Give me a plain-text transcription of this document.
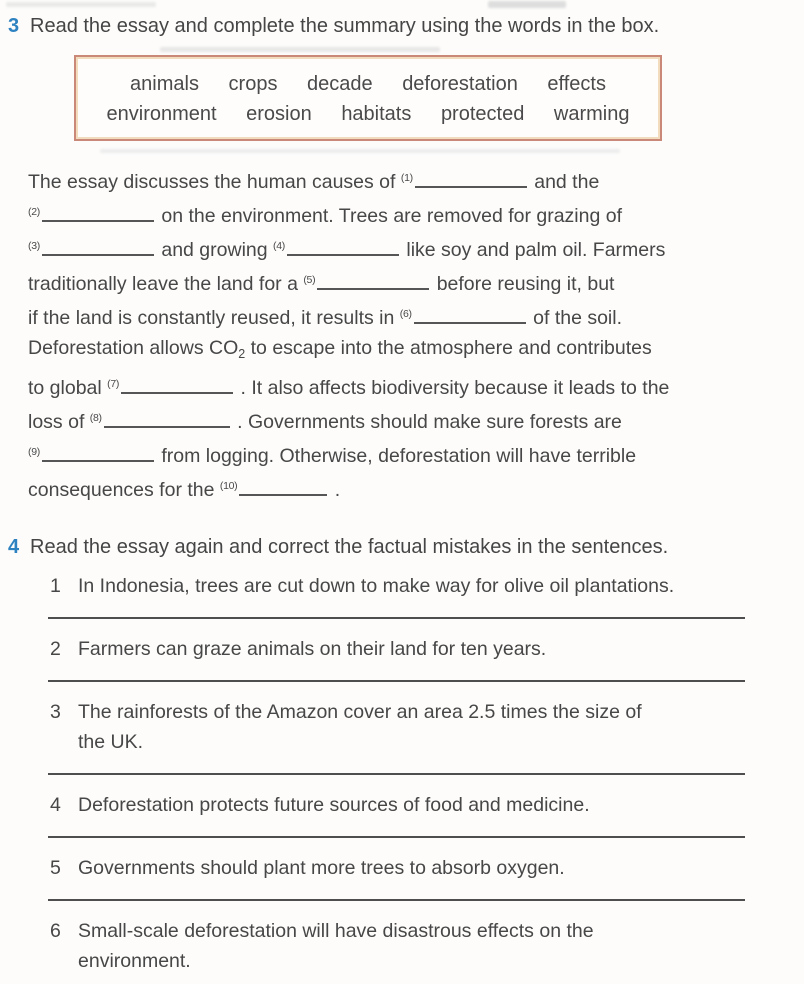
3 Read the essay and complete the summary using the words in the box.
animals crops decade deforestation effects
environment erosion habitats protected warming

The essay discusses the human causes of $^{(1)}$	and the
$^{(2)}$	on the environment. Trees are removed for grazing of
$^{(3)}$	and growing $^{(4)}$	like soy and palm oil. Farmers
traditionally leave the land for a $^{(5)}$	before reusing it, but
if the land is constantly reused, it results in $^{(6)}$	of the soil.
Deforestation allows $CO_2$ to escape into the atmosphere and contributes
to global $^{(7)}$	. It also affects biodiversity because it leads to the
loss of $^{(8)}$	. Governments should make sure forests are
$^{(9)}$	from logging. Otherwise, deforestation will have terrible
consequences for the $^{(10)}$	.

4 Read the essay again and correct the factual mistakes in the sentences.
1 In Indonesia, trees are cut down to make way for olive oil plantations.
2 Farmers can graze animals on their land for ten years.
3 The rainforests of the Amazon cover an area 2.5 times the size of
the UK.
4 Deforestation protects future sources of food and medicine.
5 Governments should plant more trees to absorb oxygen.
6 Small-scale deforestation will have disastrous effects on the
environment.
